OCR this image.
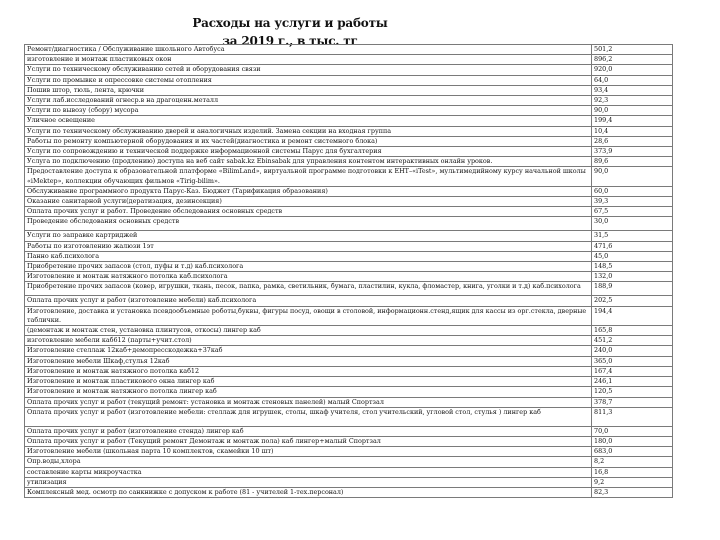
Расходы на услуги и работы
за 2019 г., в тыс. тг
Ремонт/диагностика / Обслуживание школьного Автобуса	501,2
изготовление и монтаж пластиковых окон	896,2
Услуги по техническому обслуживанию сетей и оборудования связи	920,0
Услуги по промывке и опрессовке системы отопления	64,0
Пошив штор, тюль, лента, крючки	93,4
Услуги лаб.исследований огнеср.в на драгоценн.металл	92,3
Услуги по вывозу (сбору) мусора	90,0
Уличное освещение	199,4
Услуги по техническому обслуживанию дверей и аналогичных изделий. Замена секции на входная группа	10,4
Работы по ремонту компьютерной оборудования и их частей(диагностика и ремонт системного блока)	28,6
Услуги по сопровождению и технической поддержке информационной системы Парус для бухгалтерия	373,9
Услуга по подключению (продлению) доступа на веб сайт sabak.kz Ebinsabak для управления контентом интерактивных онлайн уроков.	89,6
Предоставление доступа к образовательной платформе «BilimLand», виртуальной программе подготовки к ЕНТ–«iTest», мультимедийному курсу начальной школы «iMektep», коллекции обучающих фильмов «Tirig-bilim».	90,0
Обслуживание программного продукта Парус-Каз. Бюджет (Тарификация образования)	60,0
Оказание санитарной услуги(дератизация, дезинсекция)	39,3
Оплата прочих услуг и работ. Проведение обследования основных средств	67,5
Проведение обследования основных средств	30,0
Услуги по заправке картриджей	31,5
Работы по изготовлению жалюзи 1эт	471,6
Панно каб.психолога	45,0
Приобретение прочих запасов (стол, пуфы и т.д) каб.психолога	148,5
Изготовление и монтаж натяжного потолка каб.психолога	132,0
Приобретение прочих запасов (ковер, игрушки, ткань, песок, папка, рамка, светильник, бумага, пластилин, кукла, фломастер, книга, уголки и т.д) каб.психолога	188,9
Оплата прочих услуг и работ (изготовление мебели) каб.психолога	202,5
Изготовление, доставка и установка псевдообъемные роботы,буквы, фигуры посуд, овощи в столовой, информационн.стенд,ящик для кассы из орг.стекла, дверные таблички.	194,4
(демонтаж и монтаж стен, установка плинтусов, откосы) лингер каб	165,8
изготовление мебели каб612 (парты+учит.стол)	451,2
Изготовление стеллаж 12каб+демопресскодежка+37каб	240,0
Изготовление мебели Шкаф,стулья 12каб	365,0
Изготовление и монтаж натяжного потолка каб12	167,4
Изготовление и монтаж пластикового окна лингер каб	246,1
Изготовление и монтаж натяжного потолка лингер каб	120,5
Оплата прочих услуг и работ (текущий ремонт: установка и монтаж стеновых панелей) малый Спортзал	378,7
Оплата прочих услуг и работ (изготовление мебели: стеллаж для игрушек, столы, шкаф учителя, стол учительский, угловой стол, стулья ) лингер каб	811,3
Оплата прочих услуг и работ (изготовление стенда) лингер каб	70,0
Оплата прочих услуг и работ (Текущий ремонт Демонтаж и монтаж пола) каб лингер+малый Спортзал	180,0
Изготовление мебели (школьная парта 10 комплектов, скамейки 10 шт)	683,0
Опр.воды,хлора	8,2
составление карты микроучастка	16,8
утилизация	9,2
Комплексный мед. осмотр по санкнижке с допуском к работе (81 - учителей 1-тех.персонал)	82,3
